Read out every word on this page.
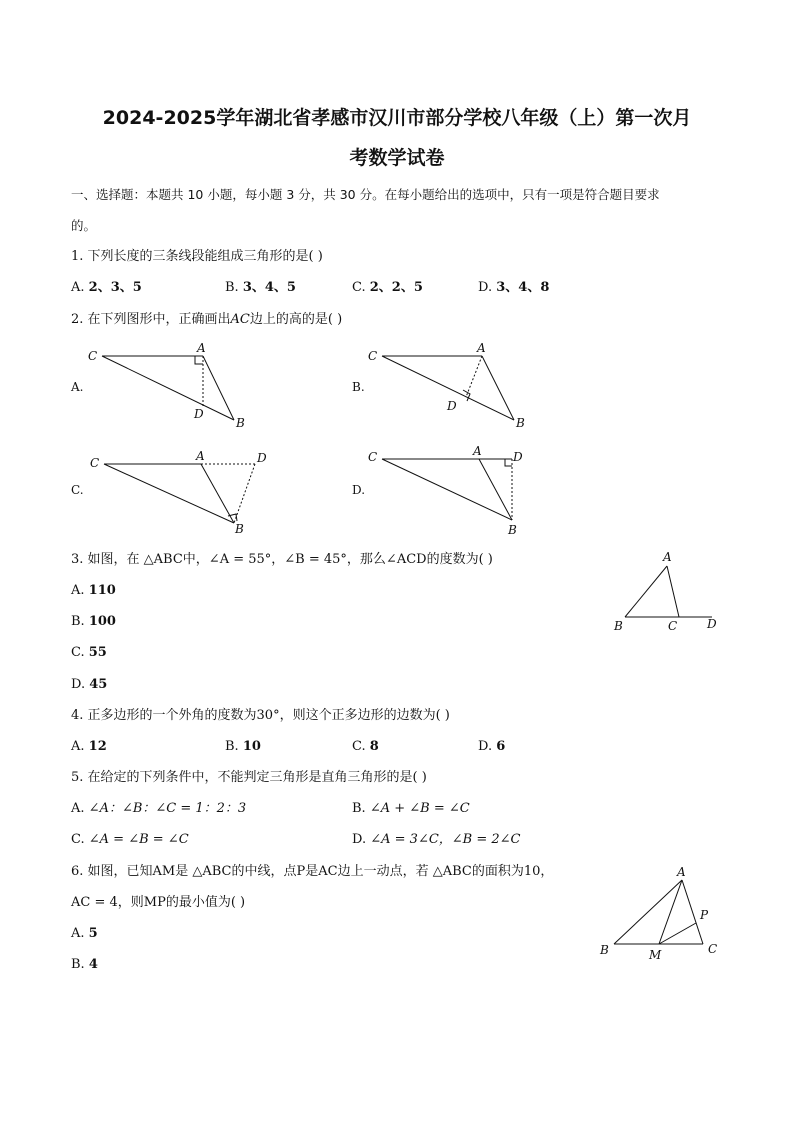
2024-2025学年湖北省孝感市汉川市部分学校八年级（上）第一次月
考数学试卷
一、选择题：本题共 10 小题，每小题 3 分，共 30 分。在每小题给出的选项中，只有一项是符合题目要求
的。
1. 下列长度的三条线段能组成三角形的是( )
A. 2、3、5	B. 3、4、5	C. 2、2、5	D. 3、4、8
2. 在下列图形中，正确画出AC边上的高的是( )
A.
C
A
D
B
B.
C
A
D
B
C.
C	A	D
B
D.
C	A	D
B
3. 如图，在 △ABC中，∠A = 55°，∠B = 45°，那么∠ACD的度数为( )
A. 110
B. 100
C. 55
D. 45
A
B	C D
4. 正多边形的一个外角的度数为30°，则这个正多边形的边数为( )
A. 12	B. 10	C. 8	D. 6
5. 在给定的下列条件中，不能判定三角形是直角三角形的是( )
A. ∠A：∠B：∠C = 1：2：3	B. ∠A + ∠B = ∠C
C. ∠A = ∠B = ∠C	D. ∠A = 3∠C，∠B = 2∠C
6. 如图，已知AM是 △ABC的中线，点P是AC边上一动点，若 △ABC的面积为10，
AC = 4，则MP的最小值为( )
A. 5
B. 4
A
B	C
M
P
